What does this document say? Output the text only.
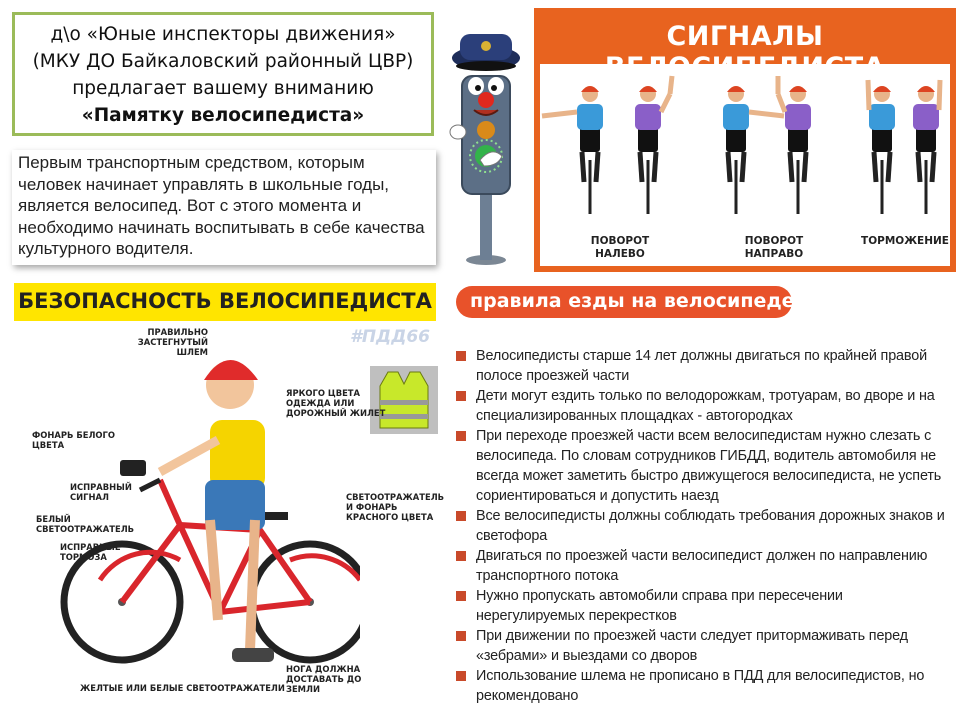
д\о «Юные инспекторы движения»
(МКУ ДО Байкаловский районный ЦВР)
предлагает вашему вниманию
«Памятку велосипедиста»
Первым транспортным средством, которым человек начинает управлять в школьные годы, является велосипед. Вот с этого момента и необходимо начинать воспитывать в себе качества культурного водителя.
СИГНАЛЫ
ПОВОРОТ
НАЛЕВО
ПОВОРОТ
НАПРАВО
ТОРМОЖЕНИЕ
БЕЗОПАСНОСТЬ ВЕЛОСИПЕДИСТА
#ПДД66
ПРАВИЛЬНО
ЗАСТЕГНУТЫЙ ШЛЕМ
ЯРКОГО ЦВЕТА
ОДЕЖДА ИЛИ
ДОРОЖНЫЙ ЖИЛЕТ
ФОНАРЬ БЕЛОГО
ЦВЕТА
ИСПРАВНЫЙ
СИГНАЛ
БЕЛЫЙ
СВЕТООТРАЖАТЕЛЬ
ИСПРАВНЫЕ
ТОРМОЗА
СВЕТООТРАЖАТЕЛЬ
И ФОНАРЬ
КРАСНОГО ЦВЕТА
НОГА ДОЛЖНА
ДОСТАВАТЬ ДО
ЗЕМЛИ
ЖЕЛТЫЕ ИЛИ БЕЛЫЕ СВЕТООТРАЖАТЕЛИ
правила езды на велосипеде
Велосипедисты старше 14 лет должны двигаться по крайней правой полосе проезжей части
Дети могут ездить только по велодорожкам, тротуарам, во дворе и на специализированных площадках - автогородках
При переходе проезжей части всем велосипедистам нужно слезать с велосипеда. По словам сотрудников ГИБДД, водитель автомобиля не всегда может заметить быстро движущегося велосипедиста, не успеть сориентироваться и допустить наезд
Все велосипедисты должны соблюдать требования дорожных знаков и светофора
Двигаться по проезжей части велосипедист должен по направлению транспортного потока
Нужно пропускать автомобили справа при пересечении нерегулируемых перекрестков
При движении по проезжей части следует притормаживать перед «зебрами» и выездами со дворов
Использование шлема не прописано в ПДД для велосипедистов, но рекомендовано
